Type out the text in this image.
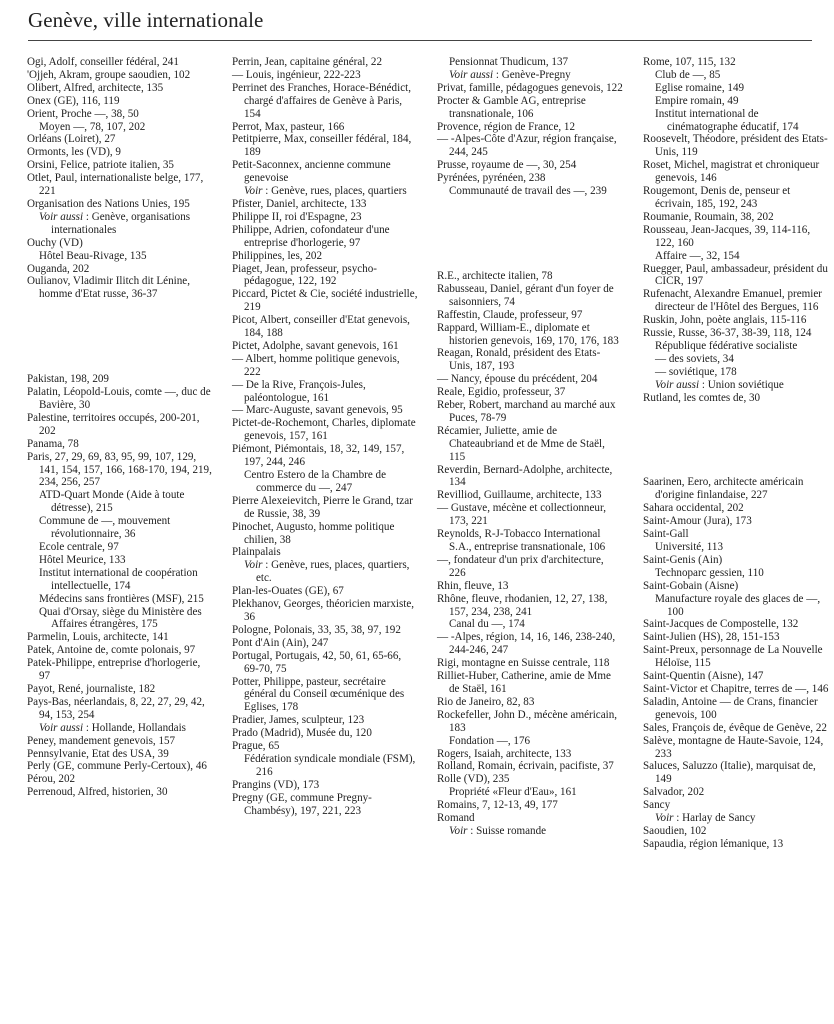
Genève, ville internationale

Ogi, Adolf, conseiller fédéral, 241

'Ojjeh, Akram, groupe saoudien, 102

Olibert, Alfred, architecte, 135

Onex (GE), 116, 119

Orient, Proche —, 38, 50

Moyen —, 78, 107, 202

Orléans (Loiret), 27

Ormonts, les (VD), 9

Orsini, Felice, patriote italien, 35

Otlet, Paul, internationaliste belge, 177, 221

Organisation des Nations Unies, 195

Voir aussi : Genève, organisations internationales

Ouchy (VD)

Hôtel Beau-Rivage, 135

Ouganda, 202

Oulianov, Vladimir Ilitch dit Lénine, homme d'Etat russe, 36-37

Pakistan, 198, 209

Palatin, Léopold-Louis, comte —, duc de Bavière, 30

Palestine, territoires occupés, 200-201, 202

Panama, 78

Paris, 27, 29, 69, 83, 95, 99, 107, 129, 141, 154, 157, 166, 168-170, 194, 219, 234, 256, 257

ATD-Quart Monde (Aide à toute détresse), 215

Commune de —, mouvement révolutionnaire, 36

Ecole centrale, 97

Hôtel Meurice, 133

Institut international de coopération intellectuelle, 174

Médecins sans frontières (MSF), 215

Quai d'Orsay, siège du Ministère des Affaires étrangères, 175

Parmelin, Louis, architecte, 141

Patek, Antoine de, comte polonais, 97

Patek-Philippe, entreprise d'horlogerie, 97

Payot, René, journaliste, 182

Pays-Bas, néerlandais, 8, 22, 27, 29, 42, 94, 153, 254

Voir aussi : Hollande, Hollandais

Peney, mandement genevois, 157

Pennsylvanie, Etat des USA, 39

Perly (GE, commune Perly-Certoux), 46

Pérou, 202

Perrenoud, Alfred, historien, 30

Perrin, Jean, capitaine général, 22

— Louis, ingénieur, 222-223

Perrinet des Franches, Horace-Bénédict, chargé d'affaires de Genève à Paris, 154

Perrot, Max, pasteur, 166

Petitpierre, Max, conseiller fédéral, 184, 189

Petit-Saconnex, ancienne commune genevoise

Voir : Genève, rues, places, quartiers

Pfister, Daniel, architecte, 133

Philippe II, roi d'Espagne, 23

Philippe, Adrien, cofondateur d'une entreprise d'horlogerie, 97

Philippines, les, 202

Piaget, Jean, professeur, psycho-pédagogue, 122, 192

Piccard, Pictet & Cie, société industrielle, 219

Picot, Albert, conseiller d'Etat genevois, 184, 188

Pictet, Adolphe, savant genevois, 161

— Albert, homme politique genevois, 222

— De la Rive, François-Jules, paléontologue, 161

— Marc-Auguste, savant genevois, 95

Pictet-de-Rochemont, Charles, diplomate genevois, 157, 161

Piémont, Piémontais, 18, 32, 149, 157, 197, 244, 246

Centro Estero de la Chambre de commerce du —, 247

Pierre Alexeievitch, Pierre le Grand, tzar de Russie, 38, 39

Pinochet, Augusto, homme politique chilien, 38

Plainpalais

Voir : Genève, rues, places, quartiers, etc.

Plan-les-Ouates (GE), 67

Plekhanov, Georges, théoricien marxiste, 36

Pologne, Polonais, 33, 35, 38, 97, 192

Pont d'Ain (Ain), 247

Portugal, Portugais, 42, 50, 61, 65-66, 69-70, 75

Potter, Philippe, pasteur, secrétaire général du Conseil œcuménique des Eglises, 178

Pradier, James, sculpteur, 123

Prado (Madrid), Musée du, 120

Prague, 65

Fédération syndicale mondiale (FSM), 216

Prangins (VD), 173

Pregny (GE, commune Pregny-Chambésy), 197, 221, 223

Pensionnat Thudicum, 137

Voir aussi : Genève-Pregny

Privat, famille, pédagogues genevois, 122

Procter & Gamble AG, entreprise transnationale, 106

Provence, région de France, 12

— -Alpes-Côte d'Azur, région française, 244, 245

Prusse, royaume de —, 30, 254

Pyrénées, pyrénéen, 238

Communauté de travail des —, 239

R.E., architecte italien, 78

Rabusseau, Daniel, gérant d'un foyer de saisonniers, 74

Raffestin, Claude, professeur, 97

Rappard, William-E., diplomate et historien genevois, 169, 170, 176, 183

Reagan, Ronald, président des Etats-Unis, 187, 193

— Nancy, épouse du précédent, 204

Reale, Egidio, professeur, 37

Reber, Robert, marchand au marché aux Puces, 78-79

Récamier, Juliette, amie de Chateaubriand et de Mme de Staël, 115

Reverdin, Bernard-Adolphe, architecte, 134

Revilliod, Guillaume, architecte, 133

— Gustave, mécène et collectionneur, 173, 221

Reynolds, R-J-Tobacco International S.A., entreprise transnationale, 106

—, fondateur d'un prix d'architecture, 226

Rhin, fleuve, 13

Rhône, fleuve, rhodanien, 12, 27, 138, 157, 234, 238, 241

Canal du —, 174

— -Alpes, région, 14, 16, 146, 238-240, 244-246, 247

Rigi, montagne en Suisse centrale, 118

Rilliet-Huber, Catherine, amie de Mme de Staël, 161

Rio de Janeiro, 82, 83

Rockefeller, John D., mécène américain, 183

Fondation —, 176

Rogers, Isaiah, architecte, 133

Rolland, Romain, écrivain, pacifiste, 37

Rolle (VD), 235

Propriété «Fleur d'Eau», 161

Romains, 7, 12-13, 49, 177

Romand

Voir : Suisse romande

Rome, 107, 115, 132

Club de —, 85

Eglise romaine, 149

Empire romain, 49

Institut international de cinématographe éducatif, 174

Roosevelt, Théodore, président des Etats-Unis, 119

Roset, Michel, magistrat et chroniqueur genevois, 146

Rougemont, Denis de, penseur et écrivain, 185, 192, 243

Roumanie, Roumain, 38, 202

Rousseau, Jean-Jacques, 39, 114-116, 122, 160

Affaire —, 32, 154

Ruegger, Paul, ambassadeur, président du CICR, 197

Rufenacht, Alexandre Emanuel, premier directeur de l'Hôtel des Bergues, 116

Ruskin, John, poète anglais, 115-116

Russie, Russe, 36-37, 38-39, 118, 124

République fédérative socialiste

— des soviets, 34

— soviétique, 178

Voir aussi : Union soviétique

Rutland, les comtes de, 30

Saarinen, Eero, architecte américain d'origine finlandaise, 227

Sahara occidental, 202

Saint-Amour (Jura), 173

Saint-Gall

Université, 113

Saint-Genis (Ain)

Technoparc gessien, 110

Saint-Gobain (Aisne)

Manufacture royale des glaces de —, 100

Saint-Jacques de Compostelle, 132

Saint-Julien (HS), 28, 151-153

Saint-Preux, personnage de La Nouvelle Héloïse, 115

Saint-Quentin (Aisne), 147

Saint-Victor et Chapitre, terres de —, 146

Saladin, Antoine — de Crans, financier genevois, 100

Sales, François de, évêque de Genève, 22

Salève, montagne de Haute-Savoie, 124, 233

Saluces, Saluzzo (Italie), marquisat de, 149

Salvador, 202

Sancy

Voir : Harlay de Sancy

Saoudien, 102

Sapaudia, région lémanique, 13
